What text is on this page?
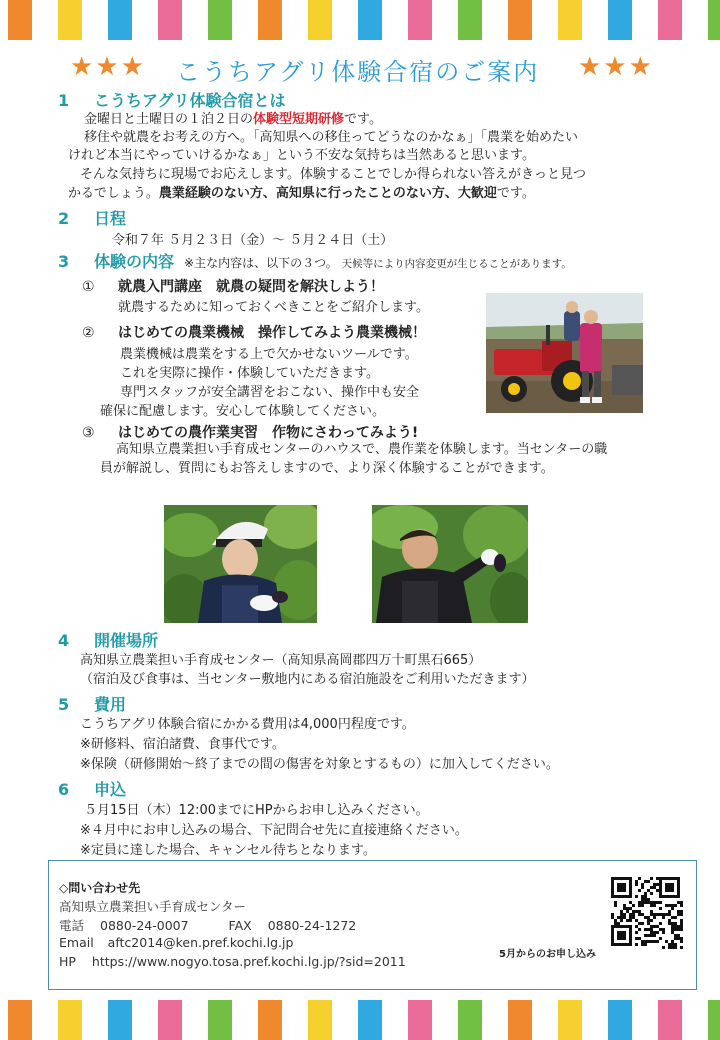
★★★ こうちアグリ体験合宿のご案内 ★★★
1 こうちアグリ体験合宿とは
金曜日と土曜日の１泊２日の体験型短期研修です。
移住や就農をお考えの方へ。「高知県への移住ってどうなのかなぁ」「農業を始めたい
けれど本当にやっていけるかなぁ」という不安な気持ちは当然あると思います。
そんな気持ちに現場でお応えします。体験することでしか得られない答えがきっと見つ
かるでしょう。農業経験のない方、高知県に行ったことのない方、大歓迎です。
2 日程
令和７年 ５月２３日（金）～ ５月２４日（土）
3 体験の内容 ※主な内容は、以下の３つ。 天候等により内容変更が生じることがあります。
① 就農入門講座　就農の疑問を解決しよう！
就農するために知っておくべきことをご紹介します。
② はじめての農業機械　操作してみよう農業機械！
農業機械は農業をする上で欠かせないツールです。
これを実際に操作・体験していただきます。
専門スタッフが安全講習をおこない、操作中も安全
確保に配慮します。安心して体験してください。
③ はじめての農作業実習　作物にさわってみよう!
高知県立農業担い手育成センターのハウスで、農作業を体験します。当センターの職
員が解説し、質問にもお答えしますので、より深く体験することができます。
4 開催場所
高知県立農業担い手育成センター（高知県高岡郡四万十町黒石665）
（宿泊及び食事は、当センター敷地内にある宿泊施設をご利用いただきます）
5 費用
こうちアグリ体験合宿にかかる費用は4,000円程度です。
※研修料、宿泊諸費、食事代です。
※保険（研修開始～終了までの間の傷害を対象とするもの）に加入してください。
6 申込
５月15日（木）12:00までにHPからお申し込みください。
※４月中にお申し込みの場合、下記問合せ先に直接連絡ください。
※定員に達した場合、キャンセル待ちとなります。
◇問い合わせ先
高知県立農業担い手育成センター
電話 0880-24-0007	FAX 0880-24-1272
Email aftc2014@ken.pref.kochi.lg.jp
HP https://www.nogyo.tosa.pref.kochi.lg.jp/?sid=2011	5月からのお申し込み
